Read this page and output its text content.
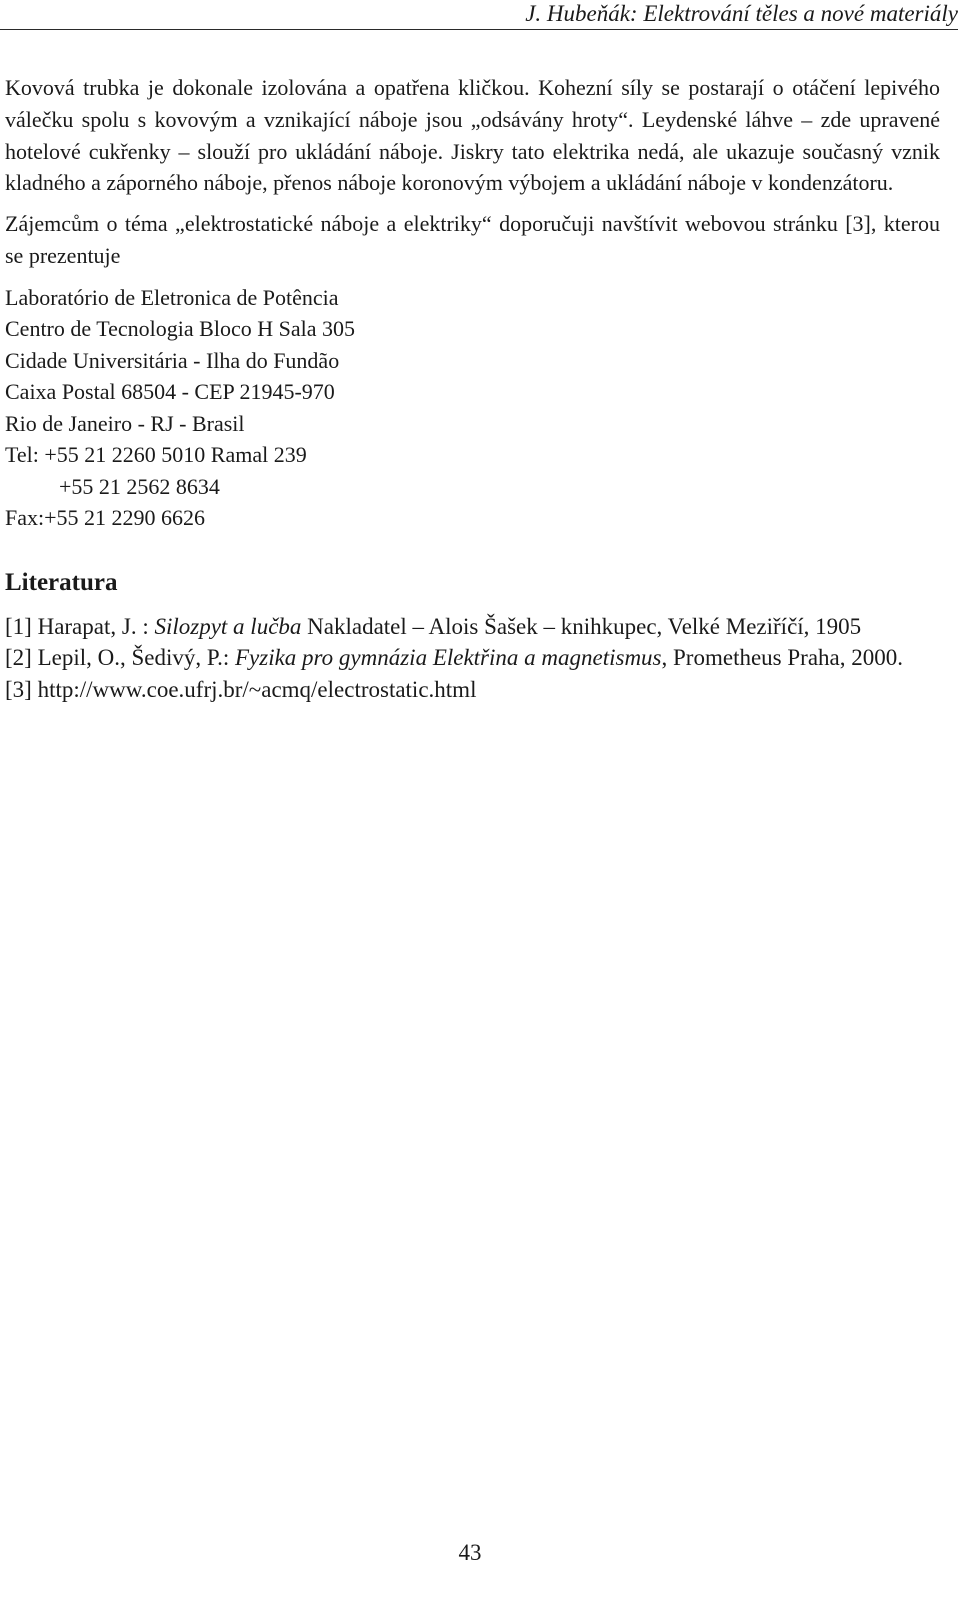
J. Hubeňák: Elektrování těles a nové materiály

Kovová trubka je dokonale izolována a opatřena kličkou. Kohezní síly se postarají o otáčení lepivého válečku spolu s kovovým a vznikající náboje jsou „odsávány hroty“. Leydenské láhve – zde upravené hotelové cukřenky – slouží pro ukládání náboje. Jiskry tato elektrika nedá, ale ukazuje současný vznik kladného a záporného náboje, přenos náboje koronovým výbojem a ukládání náboje v kondenzátoru.

Zájemcům o téma „elektrostatické náboje a elektriky“ doporučuji navštívit webovou stránku [3], kterou se prezentuje

Laboratório de Eletronica de Potência
Centro de Tecnologia Bloco H Sala 305
Cidade Universitária - Ilha do Fundão
Caixa Postal 68504 - CEP 21945-970
Rio de Janeiro - RJ - Brasil
Tel: +55 21 2260 5010 Ramal 239
+55 21 2562 8634
Fax:+55 21 2290 6626
Literatura
[1] Harapat, J. : Silozpyt a lučba Nakladatel – Alois Šašek – knihkupec, Velké Meziříčí, 1905
[2] Lepil, O., Šedivý, P.: Fyzika pro gymnázia Elektřina a magnetismus, Prometheus Praha, 2000.
[3] http://www.coe.ufrj.br/~acmq/electrostatic.html
43
